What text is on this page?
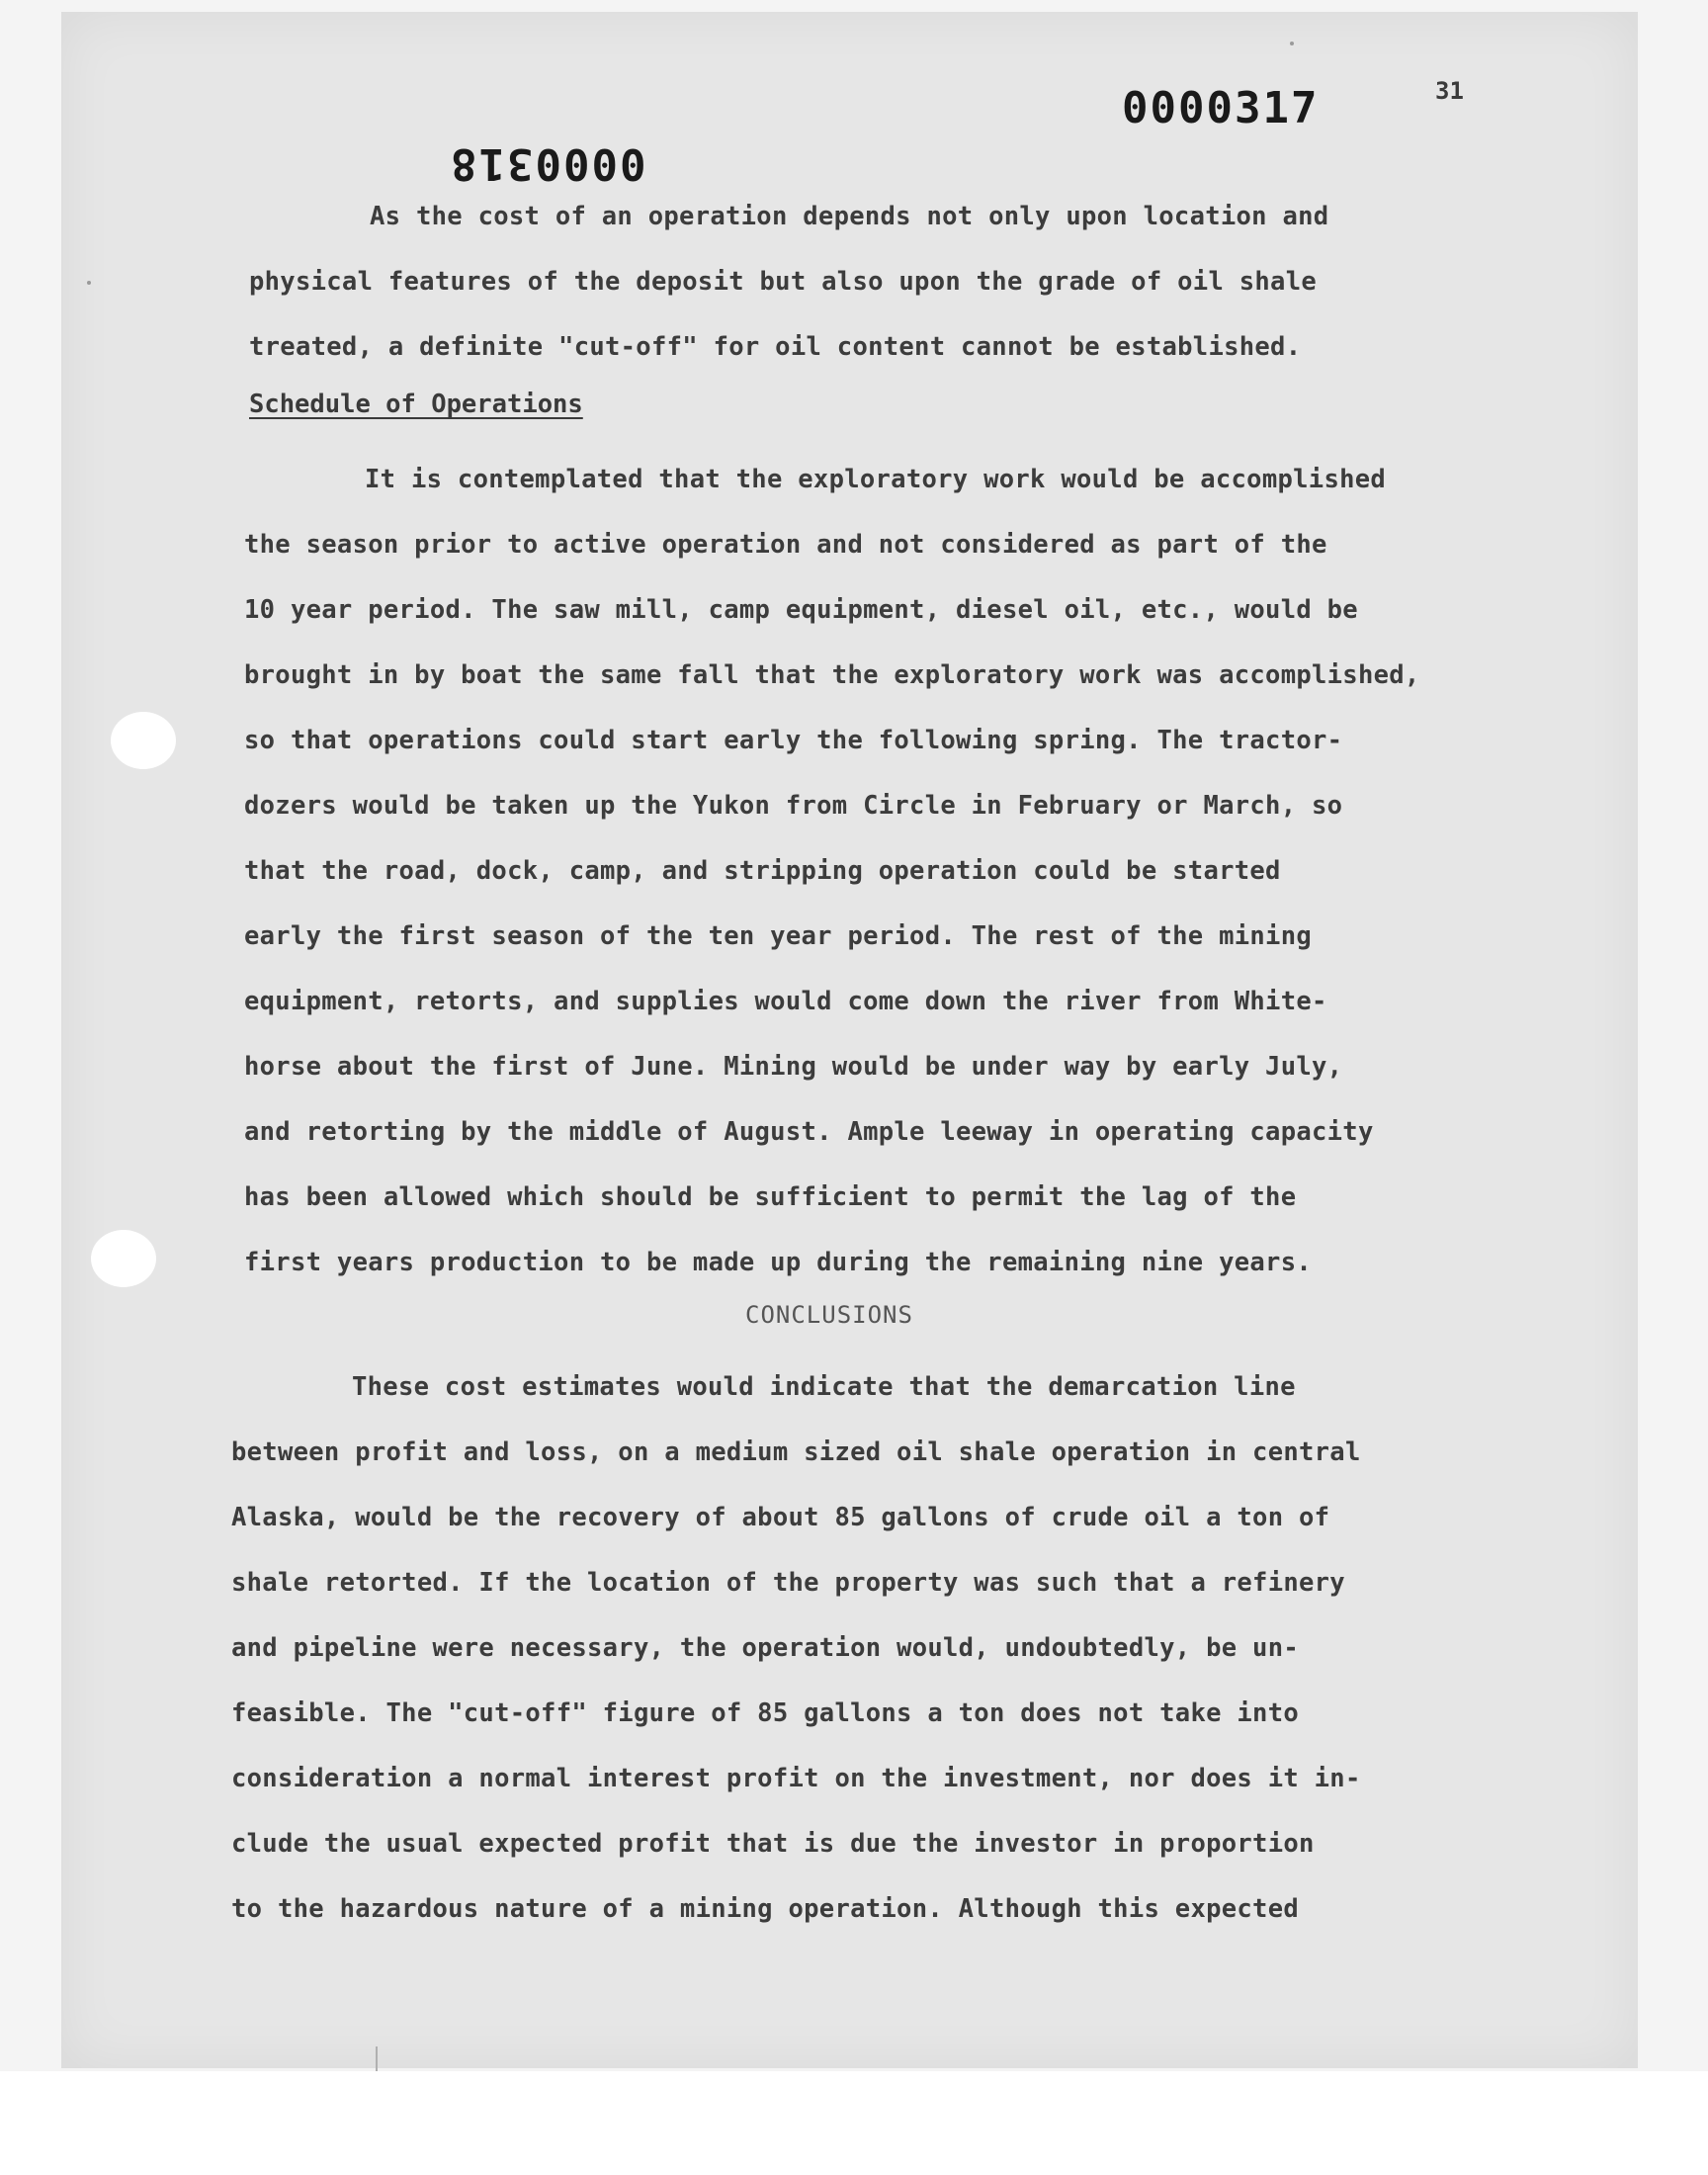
0000317
0000318
31
As the cost of an operation depends not only upon location and
physical features of the deposit but also upon the grade of oil shale
treated, a definite "cut-off" for oil content cannot be established.
Schedule of Operations
It is contemplated that the exploratory work would be accomplished
the season prior to active operation and not considered as part of the
10 year period. The saw mill, camp equipment, diesel oil, etc., would be
brought in by boat the same fall that the exploratory work was accomplished,
so that operations could start early the following spring. The tractor-
dozers would be taken up the Yukon from Circle in February or March, so
that the road, dock, camp, and stripping operation could be started
early the first season of the ten year period. The rest of the mining
equipment, retorts, and supplies would come down the river from White-
horse about the first of June. Mining would be under way by early July,
and retorting by the middle of August. Ample leeway in operating capacity
has been allowed which should be sufficient to permit the lag of the
first years production to be made up during the remaining nine years.
CONCLUSIONS
These cost estimates would indicate that the demarcation line
between profit and loss, on a medium sized oil shale operation in central
Alaska, would be the recovery of about 85 gallons of crude oil a ton of
shale retorted. If the location of the property was such that a refinery
and pipeline were necessary, the operation would, undoubtedly, be un-
feasible. The "cut-off" figure of 85 gallons a ton does not take into
consideration a normal interest profit on the investment, nor does it in-
clude the usual expected profit that is due the investor in proportion
to the hazardous nature of a mining operation. Although this expected
